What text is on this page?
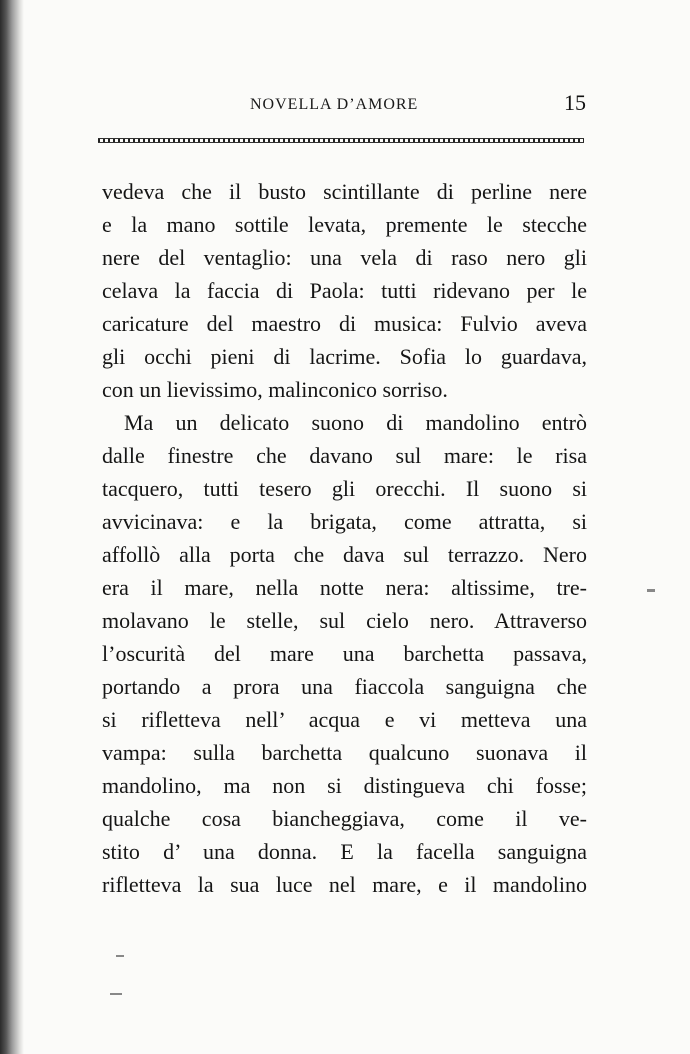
NOVELLA D’AMORE	15
vedeva che il busto scintillante di perline nere
e la mano sottile levata, premente le stecche
nere del ventaglio: una vela di raso nero gli
celava la faccia di Paola: tutti ridevano per le
caricature del maestro di musica: Fulvio aveva
gli occhi pieni di lacrime. Sofia lo guardava,
con un lievissimo, malinconico sorriso.
Ma un delicato suono di mandolino entrò
dalle finestre che davano sul mare: le risa
tacquero, tutti tesero gli orecchi. Il suono si
avvicinava: e la brigata, come attratta, si
affollò alla porta che dava sul terrazzo. Nero
era il mare, nella notte nera: altissime, tre-
molavano le stelle, sul cielo nero. Attraverso
l’oscurità del mare una barchetta passava,
portando a prora una fiaccola sanguigna che
si rifletteva nell’ acqua e vi metteva una
vampa: sulla barchetta qualcuno suonava il
mandolino, ma non si distingueva chi fosse;
qualche cosa biancheggiava, come il ve-
stito d’ una donna. E la facella sanguigna
rifletteva la sua luce nel mare, e il mandolino
